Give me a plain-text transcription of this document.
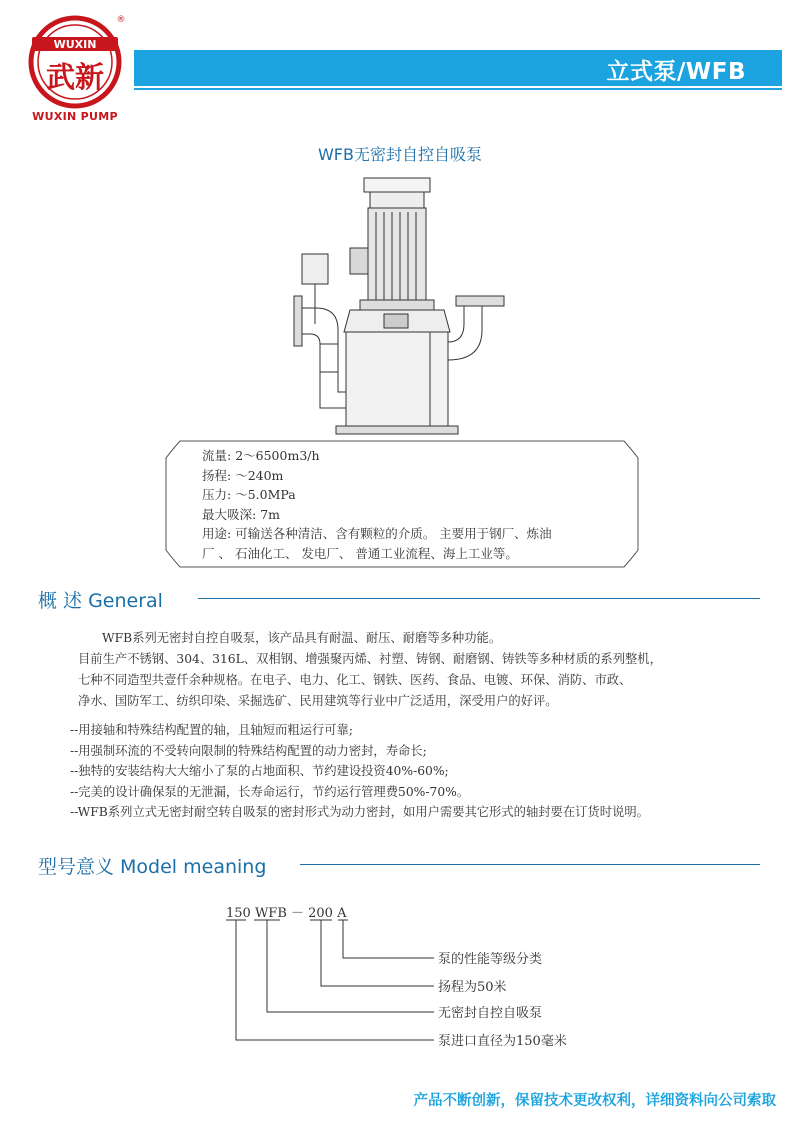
WUXIN
武新
®
WUXIN PUMP
立式泵/WFB
WFB无密封自控自吸泵
流量: 2～6500m3/h
扬程: ～240m
压力: ～5.0MPa
最大吸深: 7m
用途: 可输送各种清洁、含有颗粒的介质。 主要用于钢厂、炼油
厂 、 石油化工、 发电厂、 普通工业流程、海上工业等。
概 述 General
WFB系列无密封自控自吸泵，该产品具有耐温、耐压、耐磨等多种功能。
目前生产不锈钢、304、316L、双相钢、增强聚丙烯、衬塑、铸钢、耐磨钢、铸铁等多种材质的系列整机，
七种不同造型共壹仟余种规格。在电子、电力、化工、钢铁、医药、食品、电镀、环保、消防、市政、
净水、国防军工、纺织印染、采掘选矿、民用建筑等行业中广泛适用，深受用户的好评。
--用接轴和特殊结构配置的轴，且轴短而粗运行可靠;
--用强制环流的不受转向限制的特殊结构配置的动力密封，寿命长;
--独特的安装结构大大缩小了泵的占地面积、节约建设投资40%-60%;
--完美的设计确保泵的无泄漏，长寿命运行，节约运行管理费50%-70%。
--WFB系列立式无密封耐空转自吸泵的密封形式为动力密封，如用户需要其它形式的轴封要在订货时说明。
型号意义 Model meaning
150 WFB － 200 A
泵的性能等级分类
扬程为50米
无密封自控自吸泵
泵进口直径为150毫米
产品不断创新，保留技术更改权利，详细资料向公司索取
